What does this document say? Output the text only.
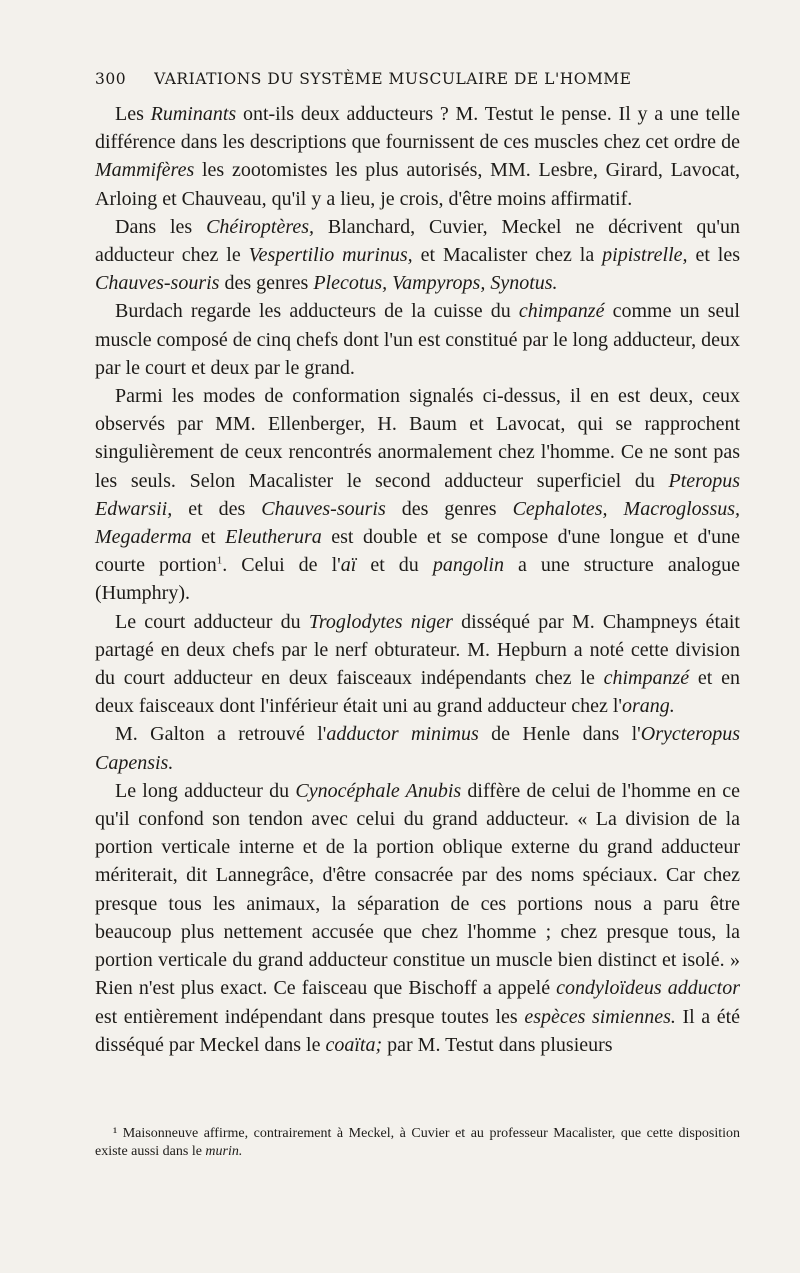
300 VARIATIONS DU SYSTÈME MUSCULAIRE DE L'HOMME

Les Ruminants ont-ils deux adducteurs ? M. Testut le pense. Il y a une telle différence dans les descriptions que fournissent de ces muscles chez cet ordre de Mammifères les zootomistes les plus autorisés, MM. Lesbre, Girard, Lavocat, Arloing et Chauveau, qu'il y a lieu, je crois, d'être moins affirmatif.

Dans les Chéiroptères, Blanchard, Cuvier, Meckel ne décrivent qu'un adducteur chez le Vespertilio murinus, et Macalister chez la pipistrelle, et les Chauves-souris des genres Plecotus, Vampyrops, Synotus.

Burdach regarde les adducteurs de la cuisse du chimpanzé comme un seul muscle composé de cinq chefs dont l'un est constitué par le long adducteur, deux par le court et deux par le grand.

Parmi les modes de conformation signalés ci-dessus, il en est deux, ceux observés par MM. Ellenberger, H. Baum et Lavocat, qui se rapprochent singulièrement de ceux rencontrés anormalement chez l'homme. Ce ne sont pas les seuls. Selon Macalister le second adducteur superficiel du Pteropus Edwarsii, et des Chauves-souris des genres Cephalotes, Macroglossus, Megaderma et Eleutherura est double et se compose d'une longue et d'une courte portion$^1$. Celui de l'aï et du pangolin a une structure analogue (Humphry).

Le court adducteur du Troglodytes niger disséqué par M. Champneys était partagé en deux chefs par le nerf obturateur. M. Hepburn a noté cette division du court adducteur en deux faisceaux indépendants chez le chimpanzé et en deux faisceaux dont l'inférieur était uni au grand adducteur chez l'orang.

M. Galton a retrouvé l'adductor minimus de Henle dans l'Orycteropus Capensis.

Le long adducteur du Cynocéphale Anubis diffère de celui de l'homme en ce qu'il confond son tendon avec celui du grand adducteur. « La division de la portion verticale interne et de la portion oblique externe du grand adducteur mériterait, dit Lannegrâce, d'être consacrée par des noms spéciaux. Car chez presque tous les animaux, la séparation de ces portions nous a paru être beaucoup plus nettement accusée que chez l'homme ; chez presque tous, la portion verticale du grand adducteur constitue un muscle bien distinct et isolé. » Rien n'est plus exact. Ce faisceau que Bischoff a appelé condyloïdeus adductor est entièrement indépendant dans presque toutes les espèces simiennes. Il a été disséqué par Meckel dans le coaïta; par M. Testut dans plusieurs

¹ Maisonneuve affirme, contrairement à Meckel, à Cuvier et au professeur Macalister, que cette disposition existe aussi dans le murin.
